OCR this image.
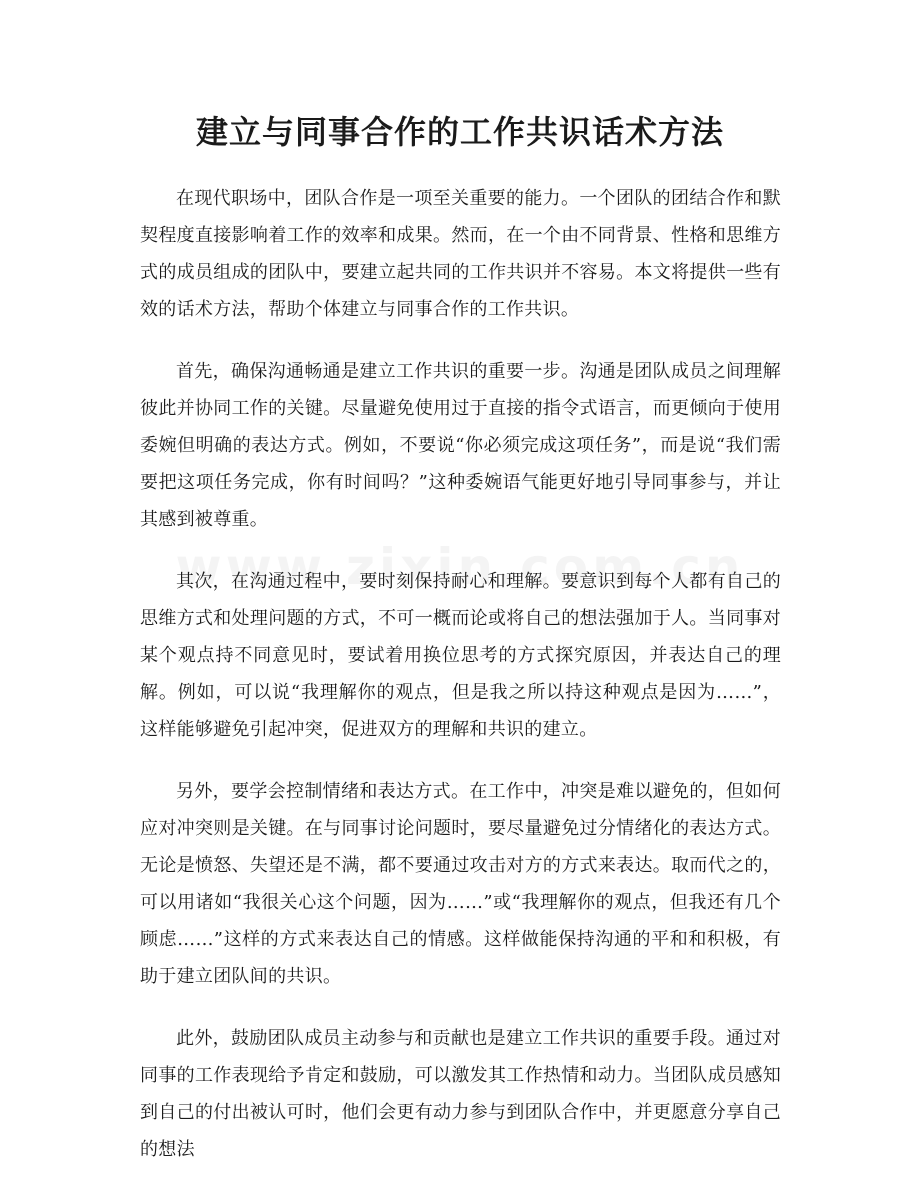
建立与同事合作的工作共识话术方法

在现代职场中，团队合作是一项至关重要的能力。一个团队的团结合作和默契程度直接影响着工作的效率和成果。然而，在一个由不同背景、性格和思维方式的成员组成的团队中，要建立起共同的工作共识并不容易。本文将提供一些有效的话术方法，帮助个体建立与同事合作的工作共识。

首先，确保沟通畅通是建立工作共识的重要一步。沟通是团队成员之间理解彼此并协同工作的关键。尽量避免使用过于直接的指令式语言，而更倾向于使用委婉但明确的表达方式。例如，不要说“你必须完成这项任务”，而是说“我们需要把这项任务完成，你有时间吗？”这种委婉语气能更好地引导同事参与，并让其感到被尊重。

其次，在沟通过程中，要时刻保持耐心和理解。要意识到每个人都有自己的思维方式和处理问题的方式，不可一概而论或将自己的想法强加于人。当同事对某个观点持不同意见时，要试着用换位思考的方式探究原因，并表达自己的理解。例如，可以说“我理解你的观点，但是我之所以持这种观点是因为……”，这样能够避免引起冲突，促进双方的理解和共识的建立。

另外，要学会控制情绪和表达方式。在工作中，冲突是难以避免的，但如何应对冲突则是关键。在与同事讨论问题时，要尽量避免过分情绪化的表达方式。无论是愤怒、失望还是不满，都不要通过攻击对方的方式来表达。取而代之的，可以用诸如“我很关心这个问题，因为……”或“我理解你的观点，但我还有几个顾虑……”这样的方式来表达自己的情感。这样做能保持沟通的平和和积极，有助于建立团队间的共识。

此外，鼓励团队成员主动参与和贡献也是建立工作共识的重要手段。通过对同事的工作表现给予肯定和鼓励，可以激发其工作热情和动力。当团队成员感知到自己的付出被认可时，他们会更有动力参与到团队合作中，并更愿意分享自己的想法
